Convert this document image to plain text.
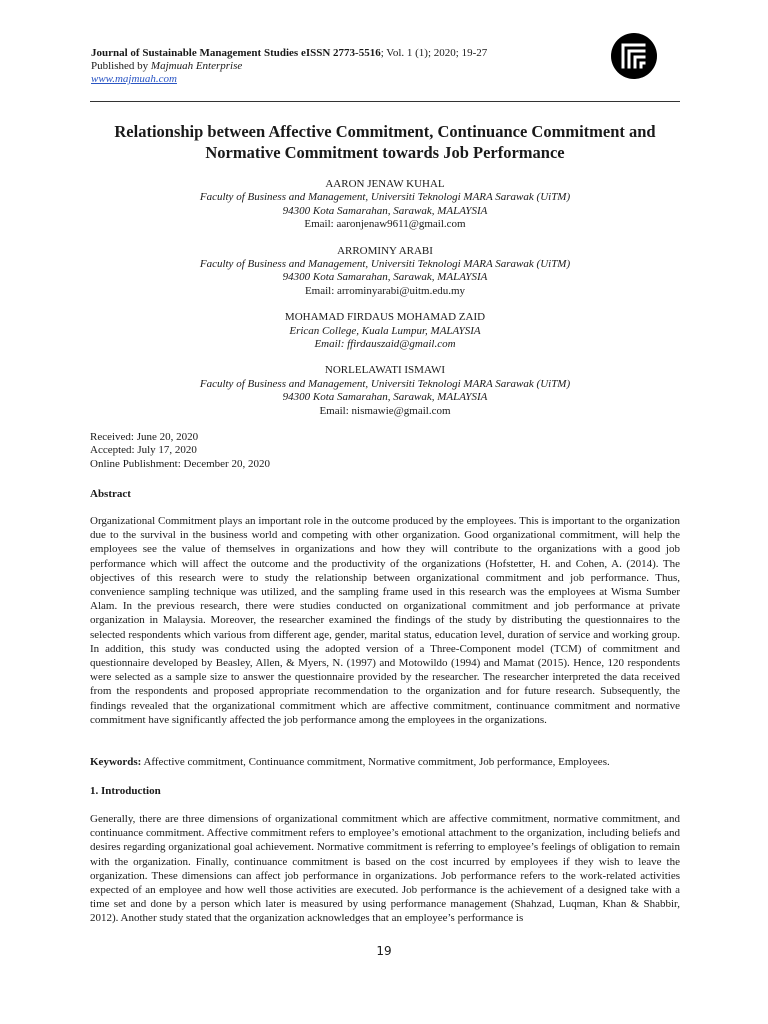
Journal of Sustainable Management Studies eISSN 2773-5516; Vol. 1 (1); 2020; 19-27
Published by Majmuah Enterprise
www.majmuah.com
Relationship between Affective Commitment, Continuance Commitment and Normative Commitment towards Job Performance
AARON JENAW KUHAL
Faculty of Business and Management, Universiti Teknologi MARA Sarawak (UiTM)
94300 Kota Samarahan, Sarawak, MALAYSIA
Email: aaronjenaw9611@gmail.com
ARROMINY ARABI
Faculty of Business and Management, Universiti Teknologi MARA Sarawak (UiTM)
94300 Kota Samarahan, Sarawak, MALAYSIA
Email: arrominyarabi@uitm.edu.my
MOHAMAD FIRDAUS MOHAMAD ZAID
Erican College, Kuala Lumpur, MALAYSIA
Email: ffirdauszaid@gmail.com
NORLELAWATI ISMAWI
Faculty of Business and Management, Universiti Teknologi MARA Sarawak (UiTM)
94300 Kota Samarahan, Sarawak, MALAYSIA
Email: nismawie@gmail.com
Received: June 20, 2020
Accepted: July 17, 2020
Online Publishment: December 20, 2020
Abstract
Organizational Commitment plays an important role in the outcome produced by the employees. This is important to the organization due to the survival in the business world and competing with other organization. Good organizational commitment, will help the employees see the value of themselves in organizations and how they will contribute to the organizations with a good job performance which will affect the outcome and the productivity of the organizations (Hofstetter, H. and Cohen, A. (2014). The objectives of this research were to study the relationship between organizational commitment and job performance. Thus, convenience sampling technique was utilized, and the sampling frame used in this research was the employees at Wisma Sumber Alam. In the previous research, there were studies conducted on organizational commitment and job performance at private organization in Malaysia. Moreover, the researcher examined the findings of the study by distributing the questionnaires to the selected respondents which various from different age, gender, marital status, education level, duration of service and working group. In addition, this study was conducted using the adopted version of a Three-Component model (TCM) of commitment and questionnaire developed by Beasley, Allen, & Myers, N. (1997) and Motowildo (1994) and Mamat (2015). Hence, 120 respondents were selected as a sample size to answer the questionnaire provided by the researcher. The researcher interpreted the data received from the respondents and proposed appropriate recommendation to the organization and for future research. Subsequently, the findings revealed that the organizational commitment which are affective commitment, continuance commitment and normative commitment have significantly affected the job performance among the employees in the organizations.
Keywords: Affective commitment, Continuance commitment, Normative commitment, Job performance, Employees.
1. Introduction
Generally, there are three dimensions of organizational commitment which are affective commitment, normative commitment, and continuance commitment. Affective commitment refers to employee’s emotional attachment to the organization, including beliefs and desires regarding organizational goal achievement. Normative commitment is referring to employee’s feelings of obligation to remain with the organization. Finally, continuance commitment is based on the cost incurred by employees if they wish to leave the organization. These dimensions can affect job performance in organizations. Job performance refers to the work-related activities expected of an employee and how well those activities are executed. Job performance is the achievement of a designed take with a time set and done by a person which later is measured by using performance management (Shahzad, Luqman, Khan & Shabbir, 2012). Another study stated that the organization acknowledges that an employee’s performance is
19
